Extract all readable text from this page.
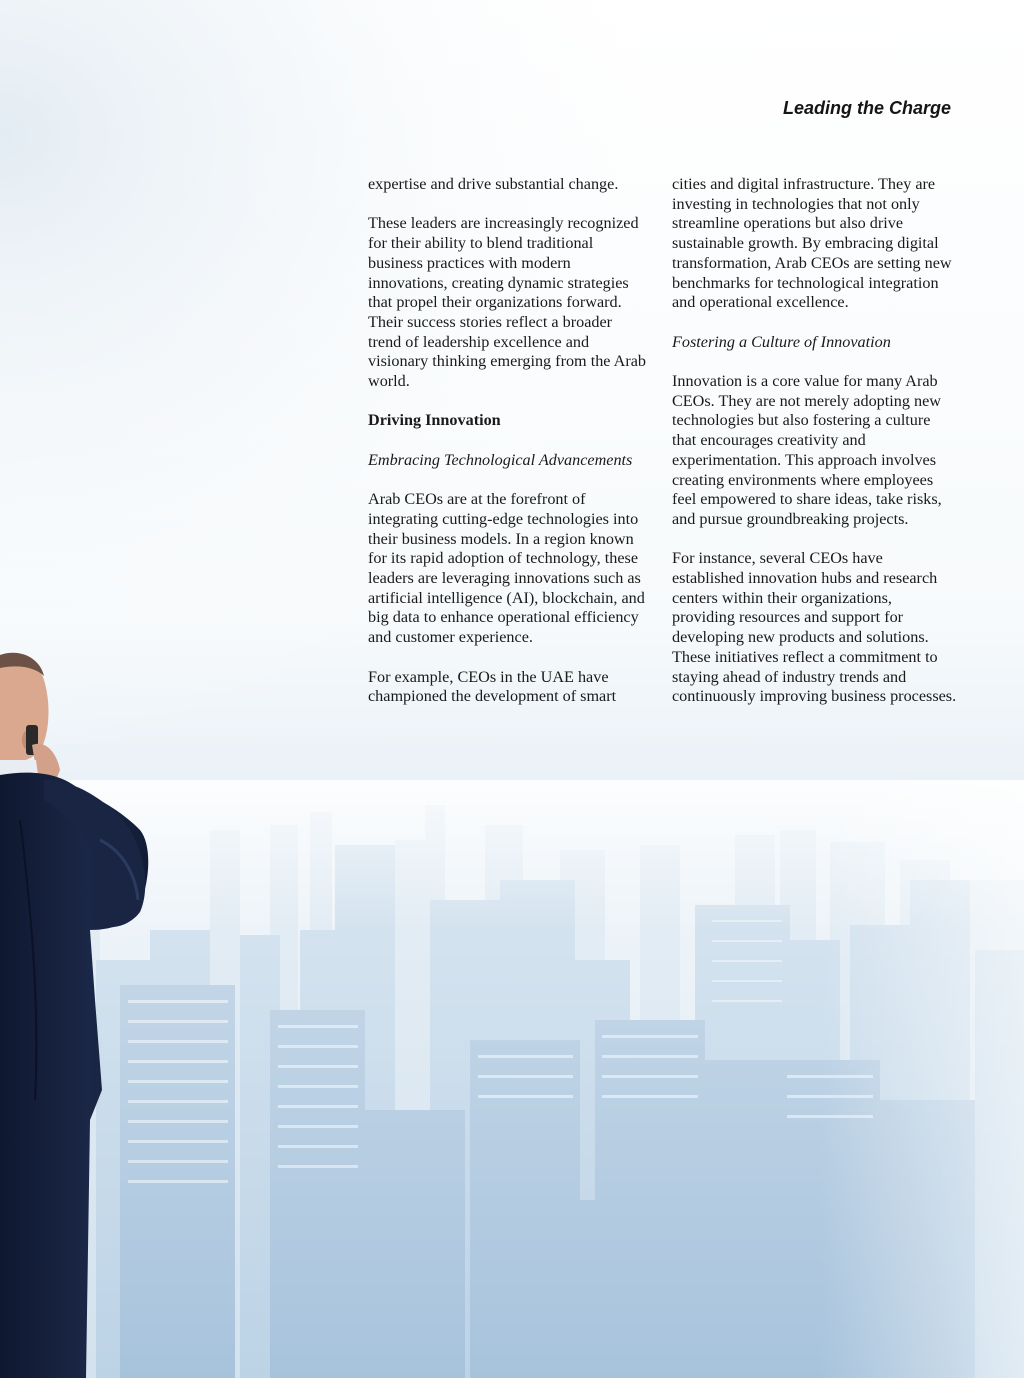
Leading the Charge

expertise and drive substantial change.

These leaders are increasingly recognized for their ability to blend traditional business practices with modern innovations, creating dynamic strategies that propel their organizations forward. Their success stories reflect a broader trend of leadership excellence and visionary thinking emerging from the Arab world.

Driving Innovation

Embracing Technological Advancements

Arab CEOs are at the forefront of integrating cutting-edge technologies into their business models. In a region known for its rapid adoption of technology, these leaders are leveraging innovations such as artificial intelligence (AI), blockchain, and big data to enhance operational efficiency and customer experience.

For example, CEOs in the UAE have championed the development of smart

cities and digital infrastructure. They are investing in technologies that not only streamline operations but also drive sustainable growth. By embracing digital transformation, Arab CEOs are setting new benchmarks for technological integration and operational excellence.

Fostering a Culture of Innovation

Innovation is a core value for many Arab CEOs. They are not merely adopting new technologies but also fostering a culture that encourages creativity and experimentation. This approach involves creating environments where employees feel empowered to share ideas, take risks, and pursue groundbreaking projects.

For instance, several CEOs have established innovation hubs and research centers within their organizations, providing resources and support for developing new products and solutions. These initiatives reflect a commitment to staying ahead of industry trends and continuously improving business processes.
